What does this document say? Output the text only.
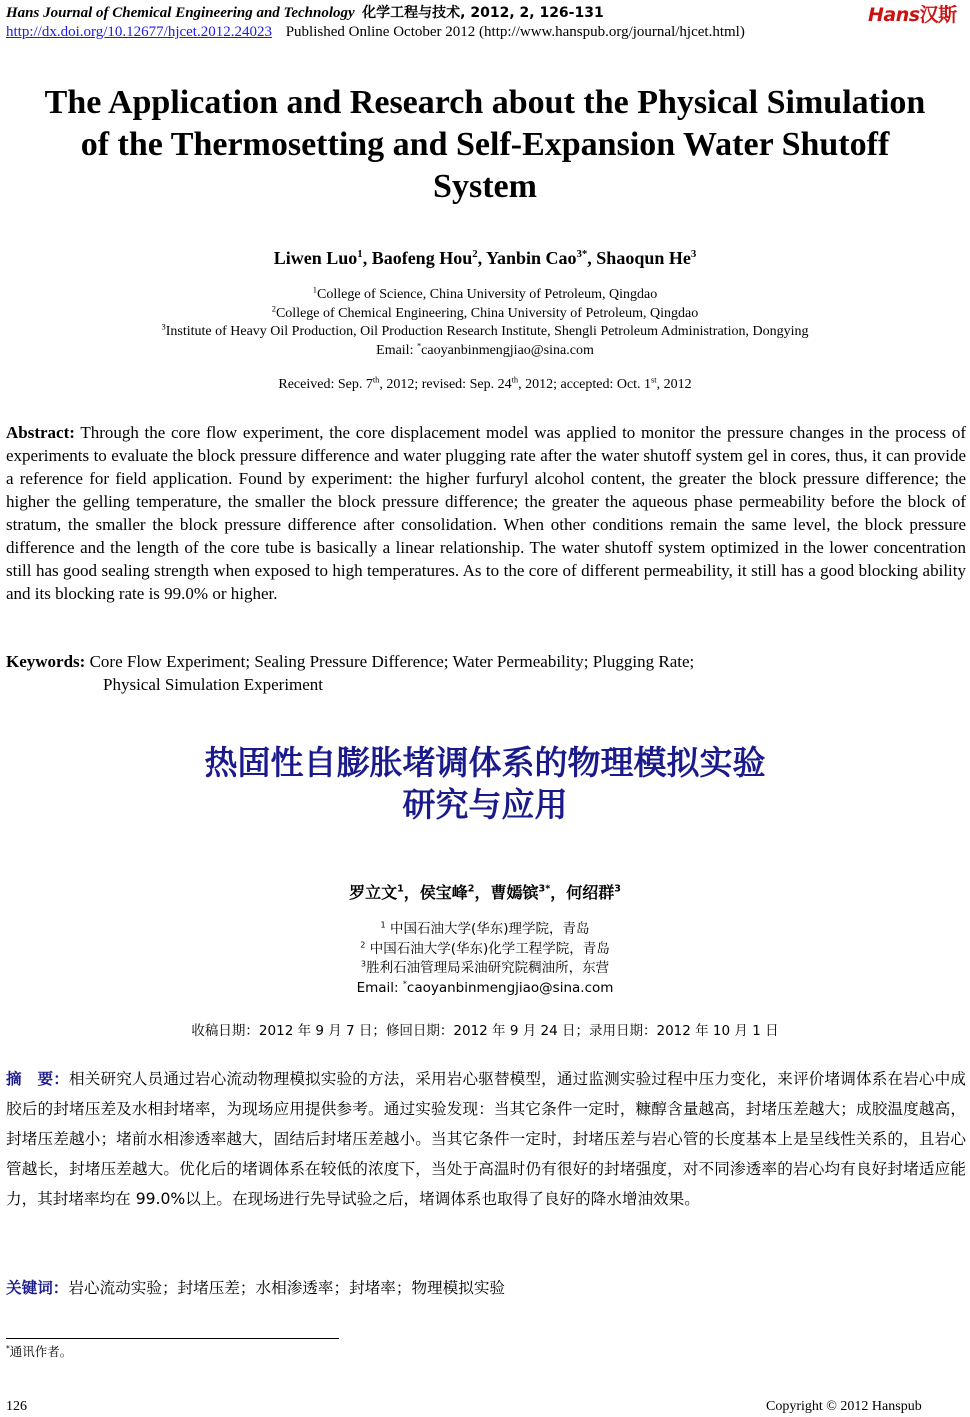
Hans Journal of Chemical Engineering and Technology 化学工程与技术, 2012, 2, 126-131	Hans汉斯
http://dx.doi.org/10.12677/hjcet.2012.24023 Published Online October 2012 (http://www.hanspub.org/journal/hjcet.html)
The Application and Research about the Physical Simulation
of the Thermosetting and Self-Expansion Water Shutoff
System
Liwen Luo$^1$, Baofeng Hou$^2$, Yanbin Cao$^{3*}$, Shaoqun He$^3$
$^1$College of Science, China University of Petroleum, Qingdao
$^2$College of Chemical Engineering, China University of Petroleum, Qingdao
$^3$Institute of Heavy Oil Production, Oil Production Research Institute, Shengli Petroleum Administration, Dongying
Email: *caoyanbinmengjiao@sina.com
Received: Sep. 7th, 2012; revised: Sep. 24th, 2012; accepted: Oct. 1st, 2012
Abstract: Through the core flow experiment, the core displacement model was applied to monitor the pressure changes in the process of experiments to evaluate the block pressure difference and water plugging rate after the water shutoff system gel in cores, thus, it can provide a reference for field application. Found by experiment: the higher furfuryl alcohol content, the greater the block pressure difference; the higher the gelling temperature, the smaller the block pressure difference; the greater the aqueous phase permeability before the block of stratum, the smaller the block pressure difference after consolidation. When other conditions remain the same level, the block pressure difference and the length of the core tube is basically a linear relationship. The water shutoff system optimized in the lower concentration still has good sealing strength when exposed to high temperatures. As to the core of different permeability, it still has a good blocking ability and its blocking rate is 99.0% or higher.
Keywords: Core Flow Experiment; Sealing Pressure Difference; Water Permeability; Plugging Rate;
Physical Simulation Experiment
热固性自膨胀堵调体系的物理模拟实验
研究与应用
罗立文$^1$，侯宝峰$^2$，曹嫣镔$^{3*}$，何绍群$^3$
$^1$ 中国石油大学(华东)理学院，青岛
$^2$ 中国石油大学(华东)化学工程学院，青岛
$^3$胜利石油管理局采油研究院稠油所，东营
Email: *caoyanbinmengjiao@sina.com
收稿日期：2012 年 9 月 7 日；修回日期：2012 年 9 月 24 日；录用日期：2012 年 10 月 1 日
摘　要：相关研究人员通过岩心流动物理模拟实验的方法，采用岩心驱替模型，通过监测实验过程中压力变化，来评价堵调体系在岩心中成胶后的封堵压差及水相封堵率，为现场应用提供参考。通过实验发现：当其它条件一定时，糠醇含量越高，封堵压差越大；成胶温度越高，封堵压差越小；堵前水相渗透率越大，固结后封堵压差越小。当其它条件一定时，封堵压差与岩心管的长度基本上是呈线性关系的，且岩心管越长，封堵压差越大。优化后的堵调体系在较低的浓度下，当处于高温时仍有很好的封堵强度，对不同渗透率的岩心均有良好封堵适应能力，其封堵率均在 99.0%以上。在现场进行先导试验之后，堵调体系也取得了良好的降水增油效果。
关键词：岩心流动实验；封堵压差；水相渗透率；封堵率；物理模拟实验
*通讯作者。
126	Copyright © 2012 Hanspub
